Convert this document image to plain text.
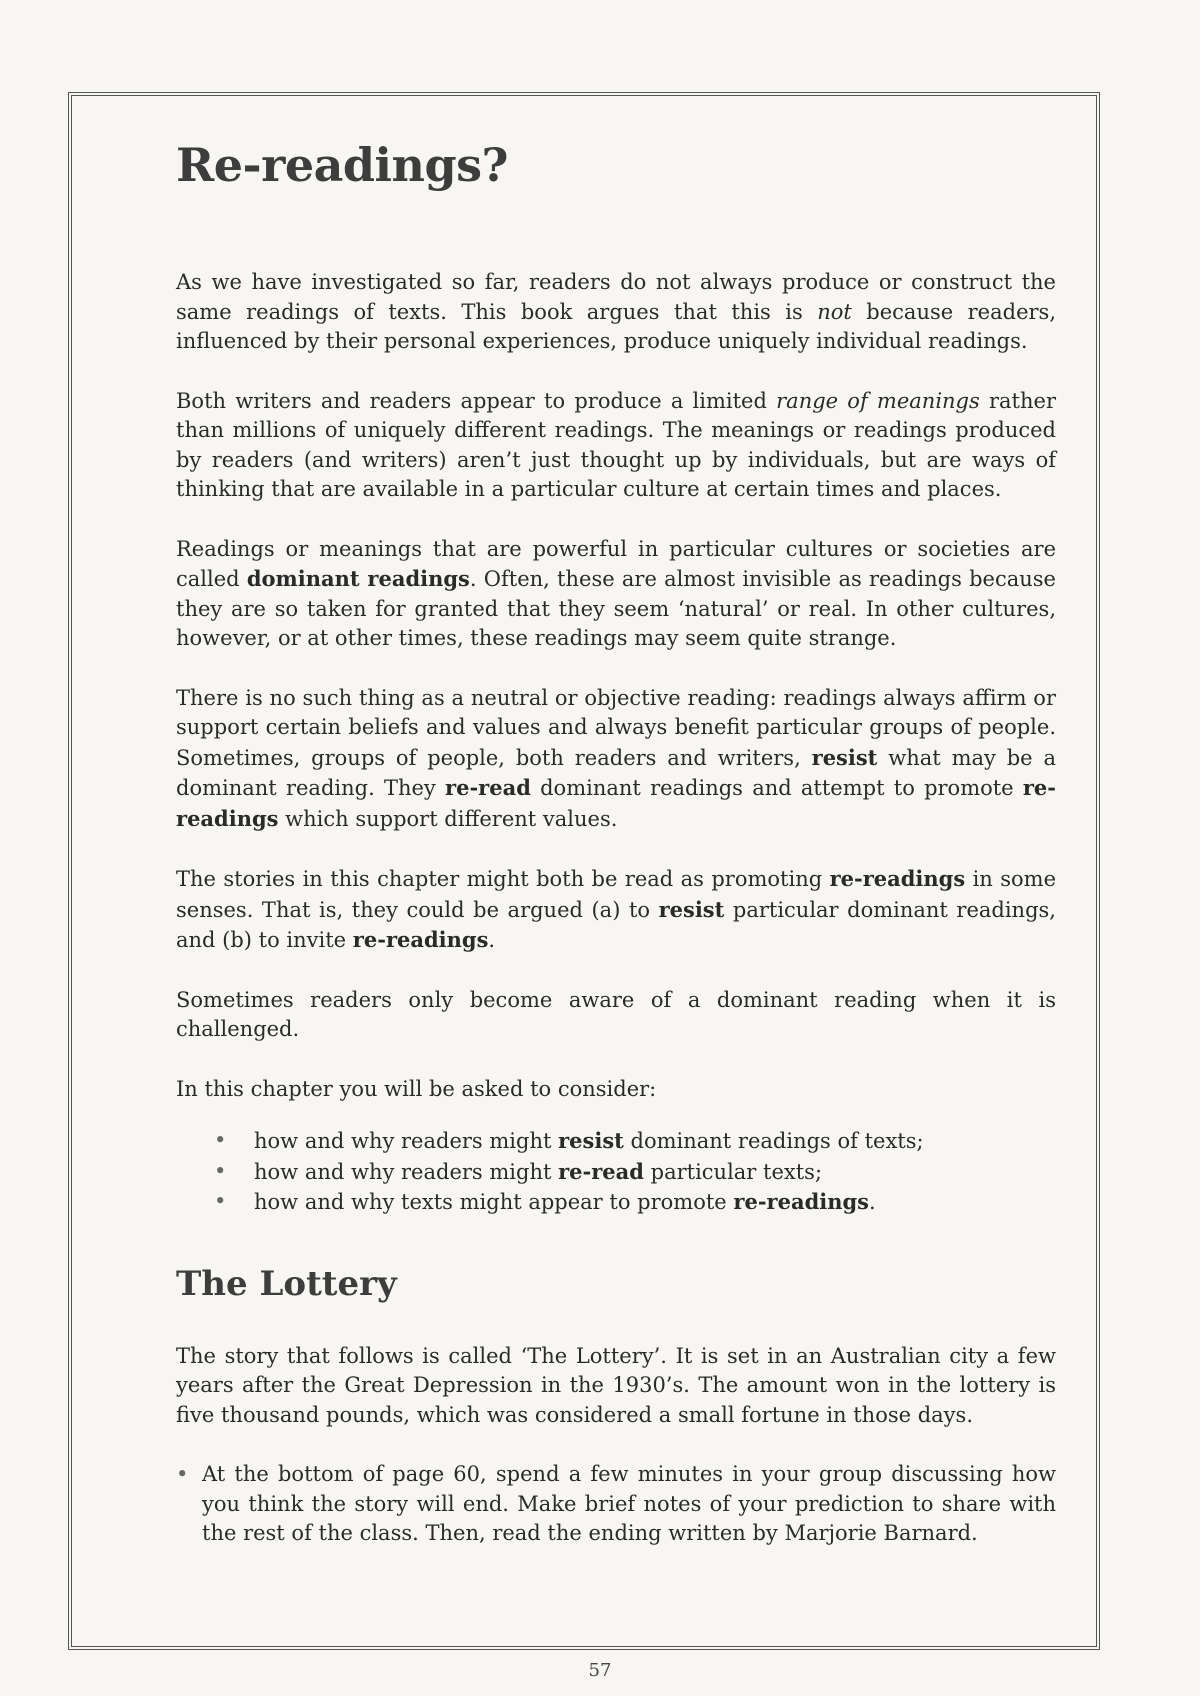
Re-readings?

As we have investigated so far, readers do not always produce or construct the same readings of texts. This book argues that this is not because readers, influenced by their personal experiences, produce uniquely individual readings.

Both writers and readers appear to produce a limited range of meanings rather than millions of uniquely different readings. The meanings or readings produced by readers (and writers) aren’t just thought up by individuals, but are ways of thinking that are available in a particular culture at certain times and places.

Readings or meanings that are powerful in particular cultures or societies are called dominant readings. Often, these are almost invisible as readings because they are so taken for granted that they seem ‘natural’ or real. In other cultures, however, or at other times, these readings may seem quite strange.

There is no such thing as a neutral or objective reading: readings always affirm or support certain beliefs and values and always benefit particular groups of people. Sometimes, groups of people, both readers and writers, resist what may be a dominant reading. They re-read dominant readings and attempt to promote re-readings which support different values.

The stories in this chapter might both be read as promoting re-readings in some senses. That is, they could be argued (a) to resist particular dominant readings, and (b) to invite re-readings.

Sometimes readers only become aware of a dominant reading when it is challenged.

In this chapter you will be asked to consider:

• how and why readers might resist dominant readings of texts;
• how and why readers might re-read particular texts;
• how and why texts might appear to promote re-readings.
The Lottery

The story that follows is called ‘The Lottery’. It is set in an Australian city a few years after the Great Depression in the 1930’s. The amount won in the lottery is five thousand pounds, which was considered a small fortune in those days.

• At the bottom of page 60, spend a few minutes in your group discussing how you think the story will end. Make brief notes of your prediction to share with the rest of the class. Then, read the ending written by Marjorie Barnard.
57
